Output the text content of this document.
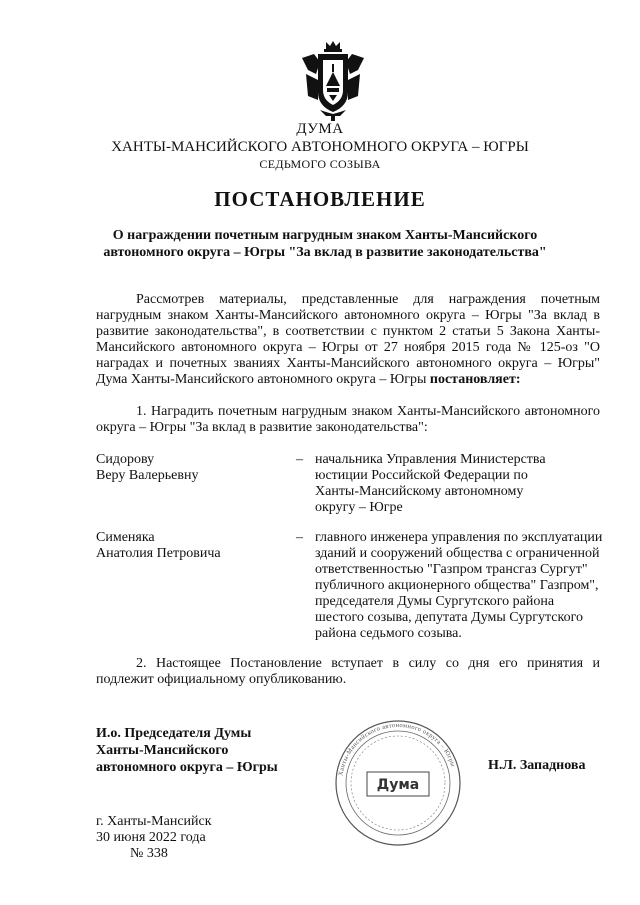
ДУМА
ХАНТЫ-МАНСИЙСКОГО АВТОНОМНОГО ОКРУГА – ЮГРЫ
СЕДЬМОГО СОЗЫВА
ПОСТАНОВЛЕНИЕ
О награждении почетным нагрудным знаком Ханты-Мансийского автономного округа – Югры "За вклад в развитие законодательства"
Рассмотрев материалы, представленные для награждения почетным нагрудным знаком Ханты-Мансийского автономного округа – Югры "За вклад в развитие законодательства", в соответствии с пунктом 2 статьи 5 Закона Ханты-Мансийского автономного округа – Югры от 27 ноября 2015 года № 125-оз "О наградах и почетных званиях Ханты-Мансийского автономного округа – Югры" Дума Ханты-Мансийского автономного округа – Югры постановляет:
1. Наградить почетным нагрудным знаком Ханты-Мансийского автономного округа – Югры "За вклад в развитие законодательства":
Сидорову
Веру Валерьевну
– начальника Управления Министерства юстиции Российской Федерации по Ханты-Мансийскому автономному округу – Югре
Сименяка
Анатолия Петровича
– главного инженера управления по эксплуатации зданий и сооружений общества с ограниченной ответственностью "Газпром трансгаз Сургут" публичного акционерного общества" Газпром", председателя Думы Сургутского района шестого созыва, депутата Думы Сургутского района седьмого созыва.
2. Настоящее Постановление вступает в силу со дня его принятия и подлежит официальному опубликованию.
И.о. Председателя Думы
Ханты-Мансийского
автономного округа – Югры	Ханты-Мансийского автономного округа – Югры
Дума
Н.Л. Западнова
г. Ханты-Мансийск
30 июня 2022 года
№ 338
